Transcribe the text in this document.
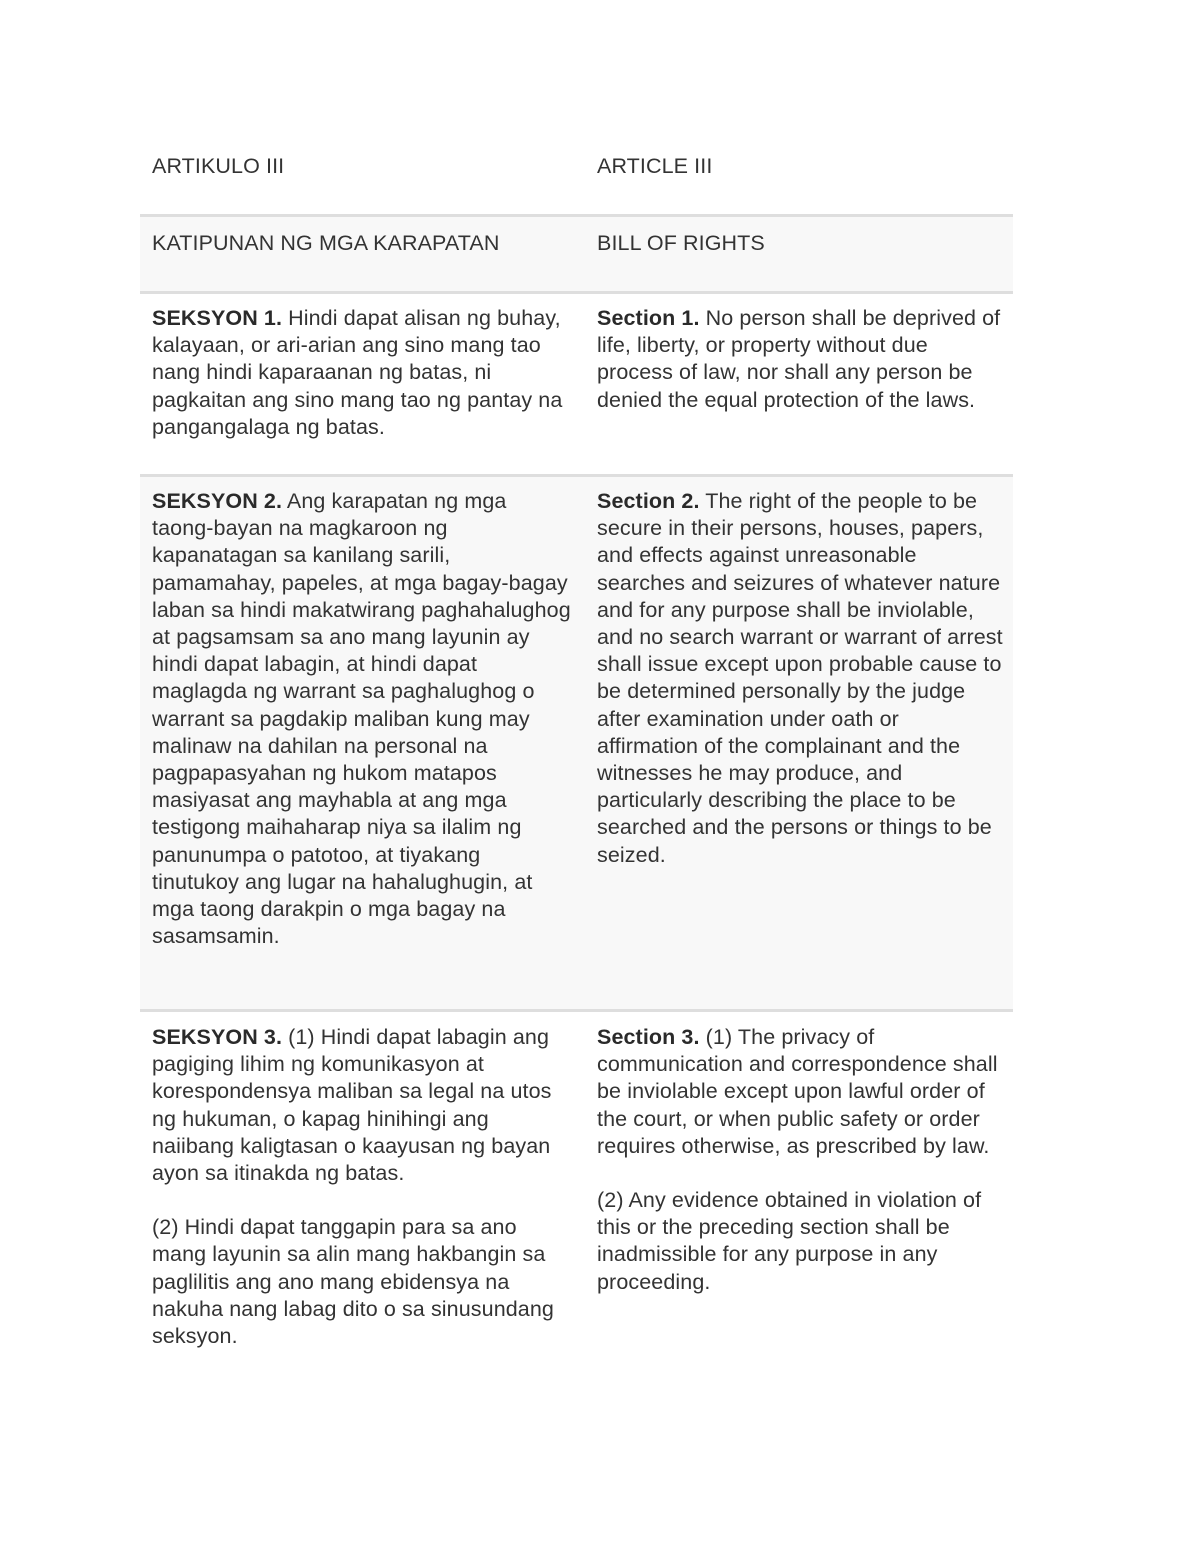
ARTIKULO III	ARTICLE III
KATIPUNAN NG MGA KARAPATAN	BILL OF RIGHTS
SEKSYON 1. Hindi dapat alisan ng buhay, kalayaan, or ari-arian ang sino mang tao nang hindi kaparaanan ng batas, ni pagkaitan ang sino mang tao ng pantay na pangangalaga ng batas.
Section 1. No person shall be deprived of life, liberty, or property without due process of law, nor shall any person be denied the equal protection of the laws.
SEKSYON 2. Ang karapatan ng mga taong-bayan na magkaroon ng kapanatagan sa kanilang sarili, pamamahay, papeles, at mga bagay-bagay laban sa hindi makatwirang paghahalughog at pagsamsam sa ano mang layunin ay hindi dapat labagin, at hindi dapat maglagda ng warrant sa paghalughog o warrant sa pagdakip maliban kung may malinaw na dahilan na personal na pagpapasyahan ng hukom matapos masiyasat ang mayhabla at ang mga testigong maihaharap niya sa ilalim ng panunumpa o patotoo, at tiyakang tinutukoy ang lugar na hahalughugin, at mga taong darakpin o mga bagay na sasamsamin.
Section 2. The right of the people to be secure in their persons, houses, papers, and effects against unreasonable searches and seizures of whatever nature and for any purpose shall be inviolable, and no search warrant or warrant of arrest shall issue except upon probable cause to be determined personally by the judge after examination under oath or affirmation of the complainant and the witnesses he may produce, and particularly describing the place to be searched and the persons or things to be seized.
SEKSYON 3. (1) Hindi dapat labagin ang pagiging lihim ng komunikasyon at korespondensya maliban sa legal na utos ng hukuman, o kapag hinihingi ang naiibang kaligtasan o kaayusan ng bayan ayon sa itinakda ng batas.
(2) Hindi dapat tanggapin para sa ano mang layunin sa alin mang hakbangin sa paglilitis ang ano mang ebidensya na nakuha nang labag dito o sa sinusundang seksyon.
Section 3. (1) The privacy of communication and correspondence shall be inviolable except upon lawful order of the court, or when public safety or order requires otherwise, as prescribed by law.
(2) Any evidence obtained in violation of this or the preceding section shall be inadmissible for any purpose in any proceeding.
